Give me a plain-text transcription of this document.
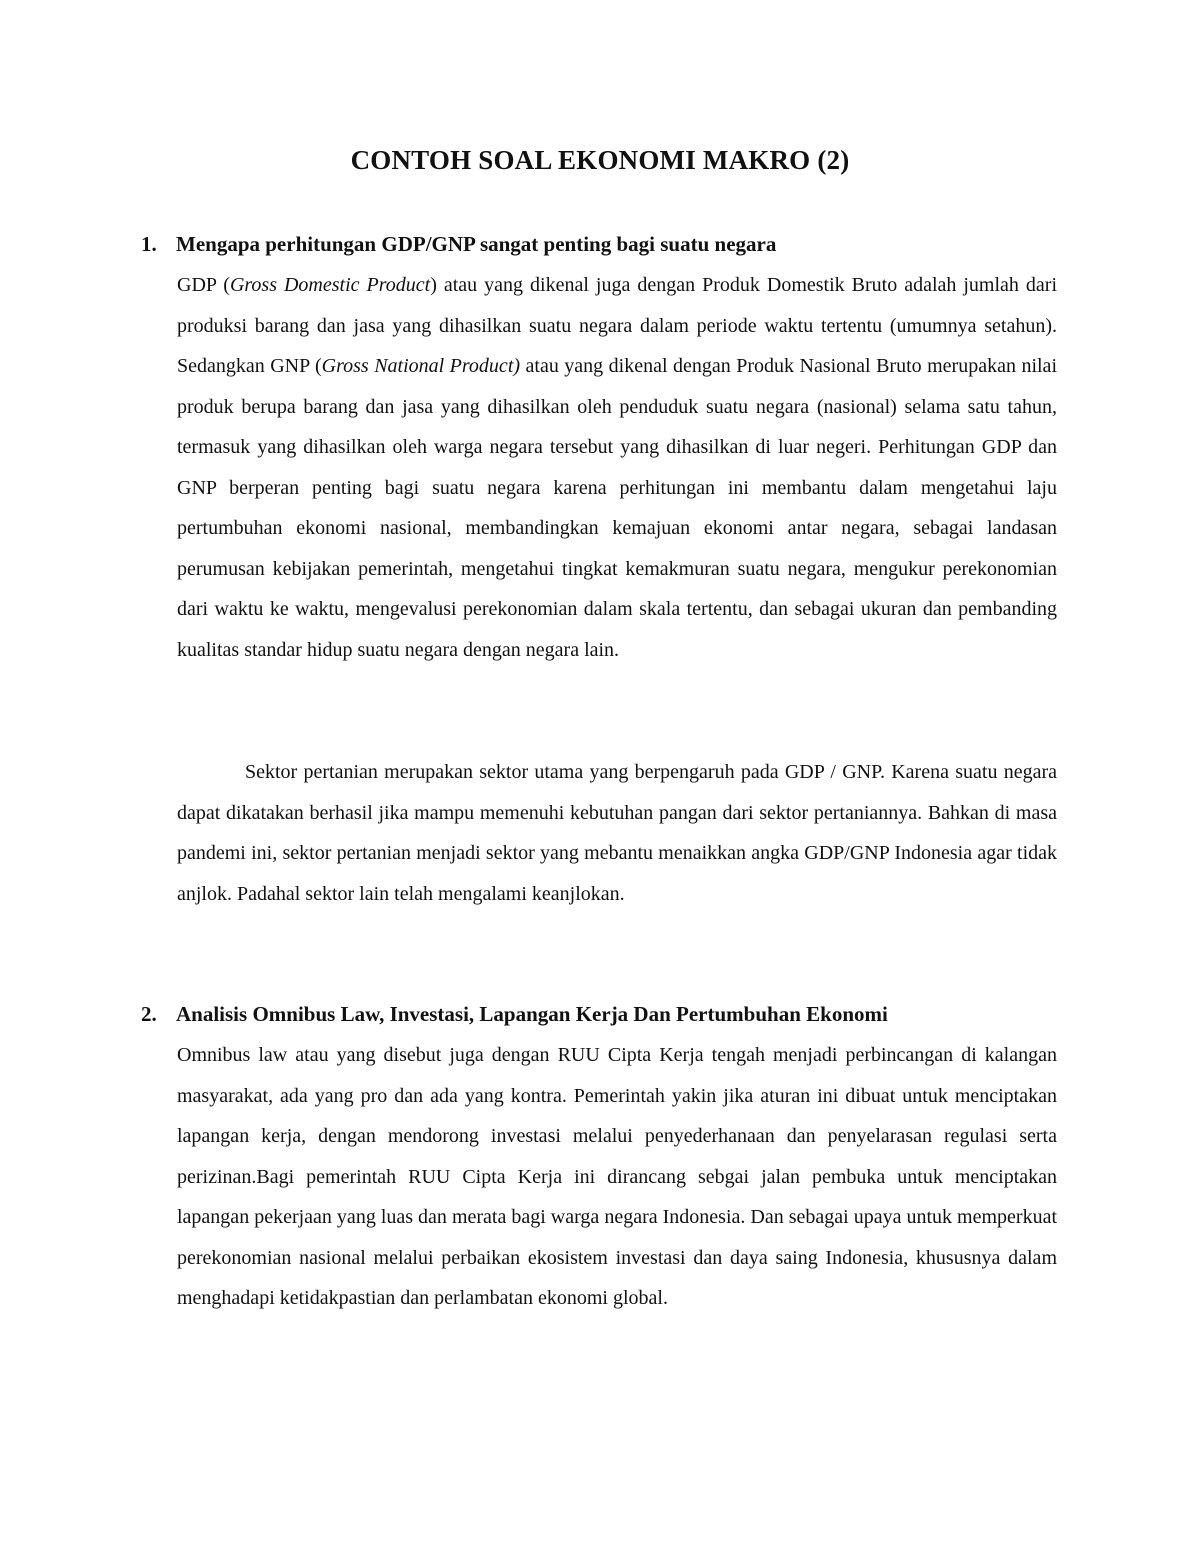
CONTOH SOAL EKONOMI MAKRO (2)
1. Mengapa perhitungan GDP/GNP sangat penting bagi suatu negara

GDP (Gross Domestic Product) atau yang dikenal juga dengan Produk Domestik Bruto adalah jumlah dari produksi barang dan jasa yang dihasilkan suatu negara dalam periode waktu tertentu (umumnya setahun). Sedangkan GNP (Gross National Product) atau yang dikenal dengan Produk Nasional Bruto merupakan nilai produk berupa barang dan jasa yang dihasilkan oleh penduduk suatu negara (nasional) selama satu tahun, termasuk yang dihasilkan oleh warga negara tersebut yang dihasilkan di luar negeri. Perhitungan GDP dan GNP berperan penting bagi suatu negara karena perhitungan ini membantu dalam mengetahui laju pertumbuhan ekonomi nasional, membandingkan kemajuan ekonomi antar negara, sebagai landasan perumusan kebijakan pemerintah, mengetahui tingkat kemakmuran suatu negara, mengukur perekonomian dari waktu ke waktu, mengevalusi perekonomian dalam skala tertentu, dan sebagai ukuran dan pembanding kualitas standar hidup suatu negara dengan negara lain.

Sektor pertanian merupakan sektor utama yang berpengaruh pada GDP / GNP. Karena suatu negara dapat dikatakan berhasil jika mampu memenuhi kebutuhan pangan dari sektor pertaniannya. Bahkan di masa pandemi ini, sektor pertanian menjadi sektor yang mebantu menaikkan angka GDP/GNP Indonesia agar tidak anjlok. Padahal sektor lain telah mengalami keanjlokan.

2. Analisis Omnibus Law, Investasi, Lapangan Kerja Dan Pertumbuhan Ekonomi

Omnibus law atau yang disebut juga dengan RUU Cipta Kerja tengah menjadi perbincangan di kalangan masyarakat, ada yang pro dan ada yang kontra. Pemerintah yakin jika aturan ini dibuat untuk menciptakan lapangan kerja, dengan mendorong investasi melalui penyederhanaan dan penyelarasan regulasi serta perizinan.Bagi pemerintah RUU Cipta Kerja ini dirancang sebgai jalan pembuka untuk menciptakan lapangan pekerjaan yang luas dan merata bagi warga negara Indonesia. Dan sebagai upaya untuk memperkuat perekonomian nasional melalui perbaikan ekosistem investasi dan daya saing Indonesia, khususnya dalam menghadapi ketidakpastian dan perlambatan ekonomi global.
